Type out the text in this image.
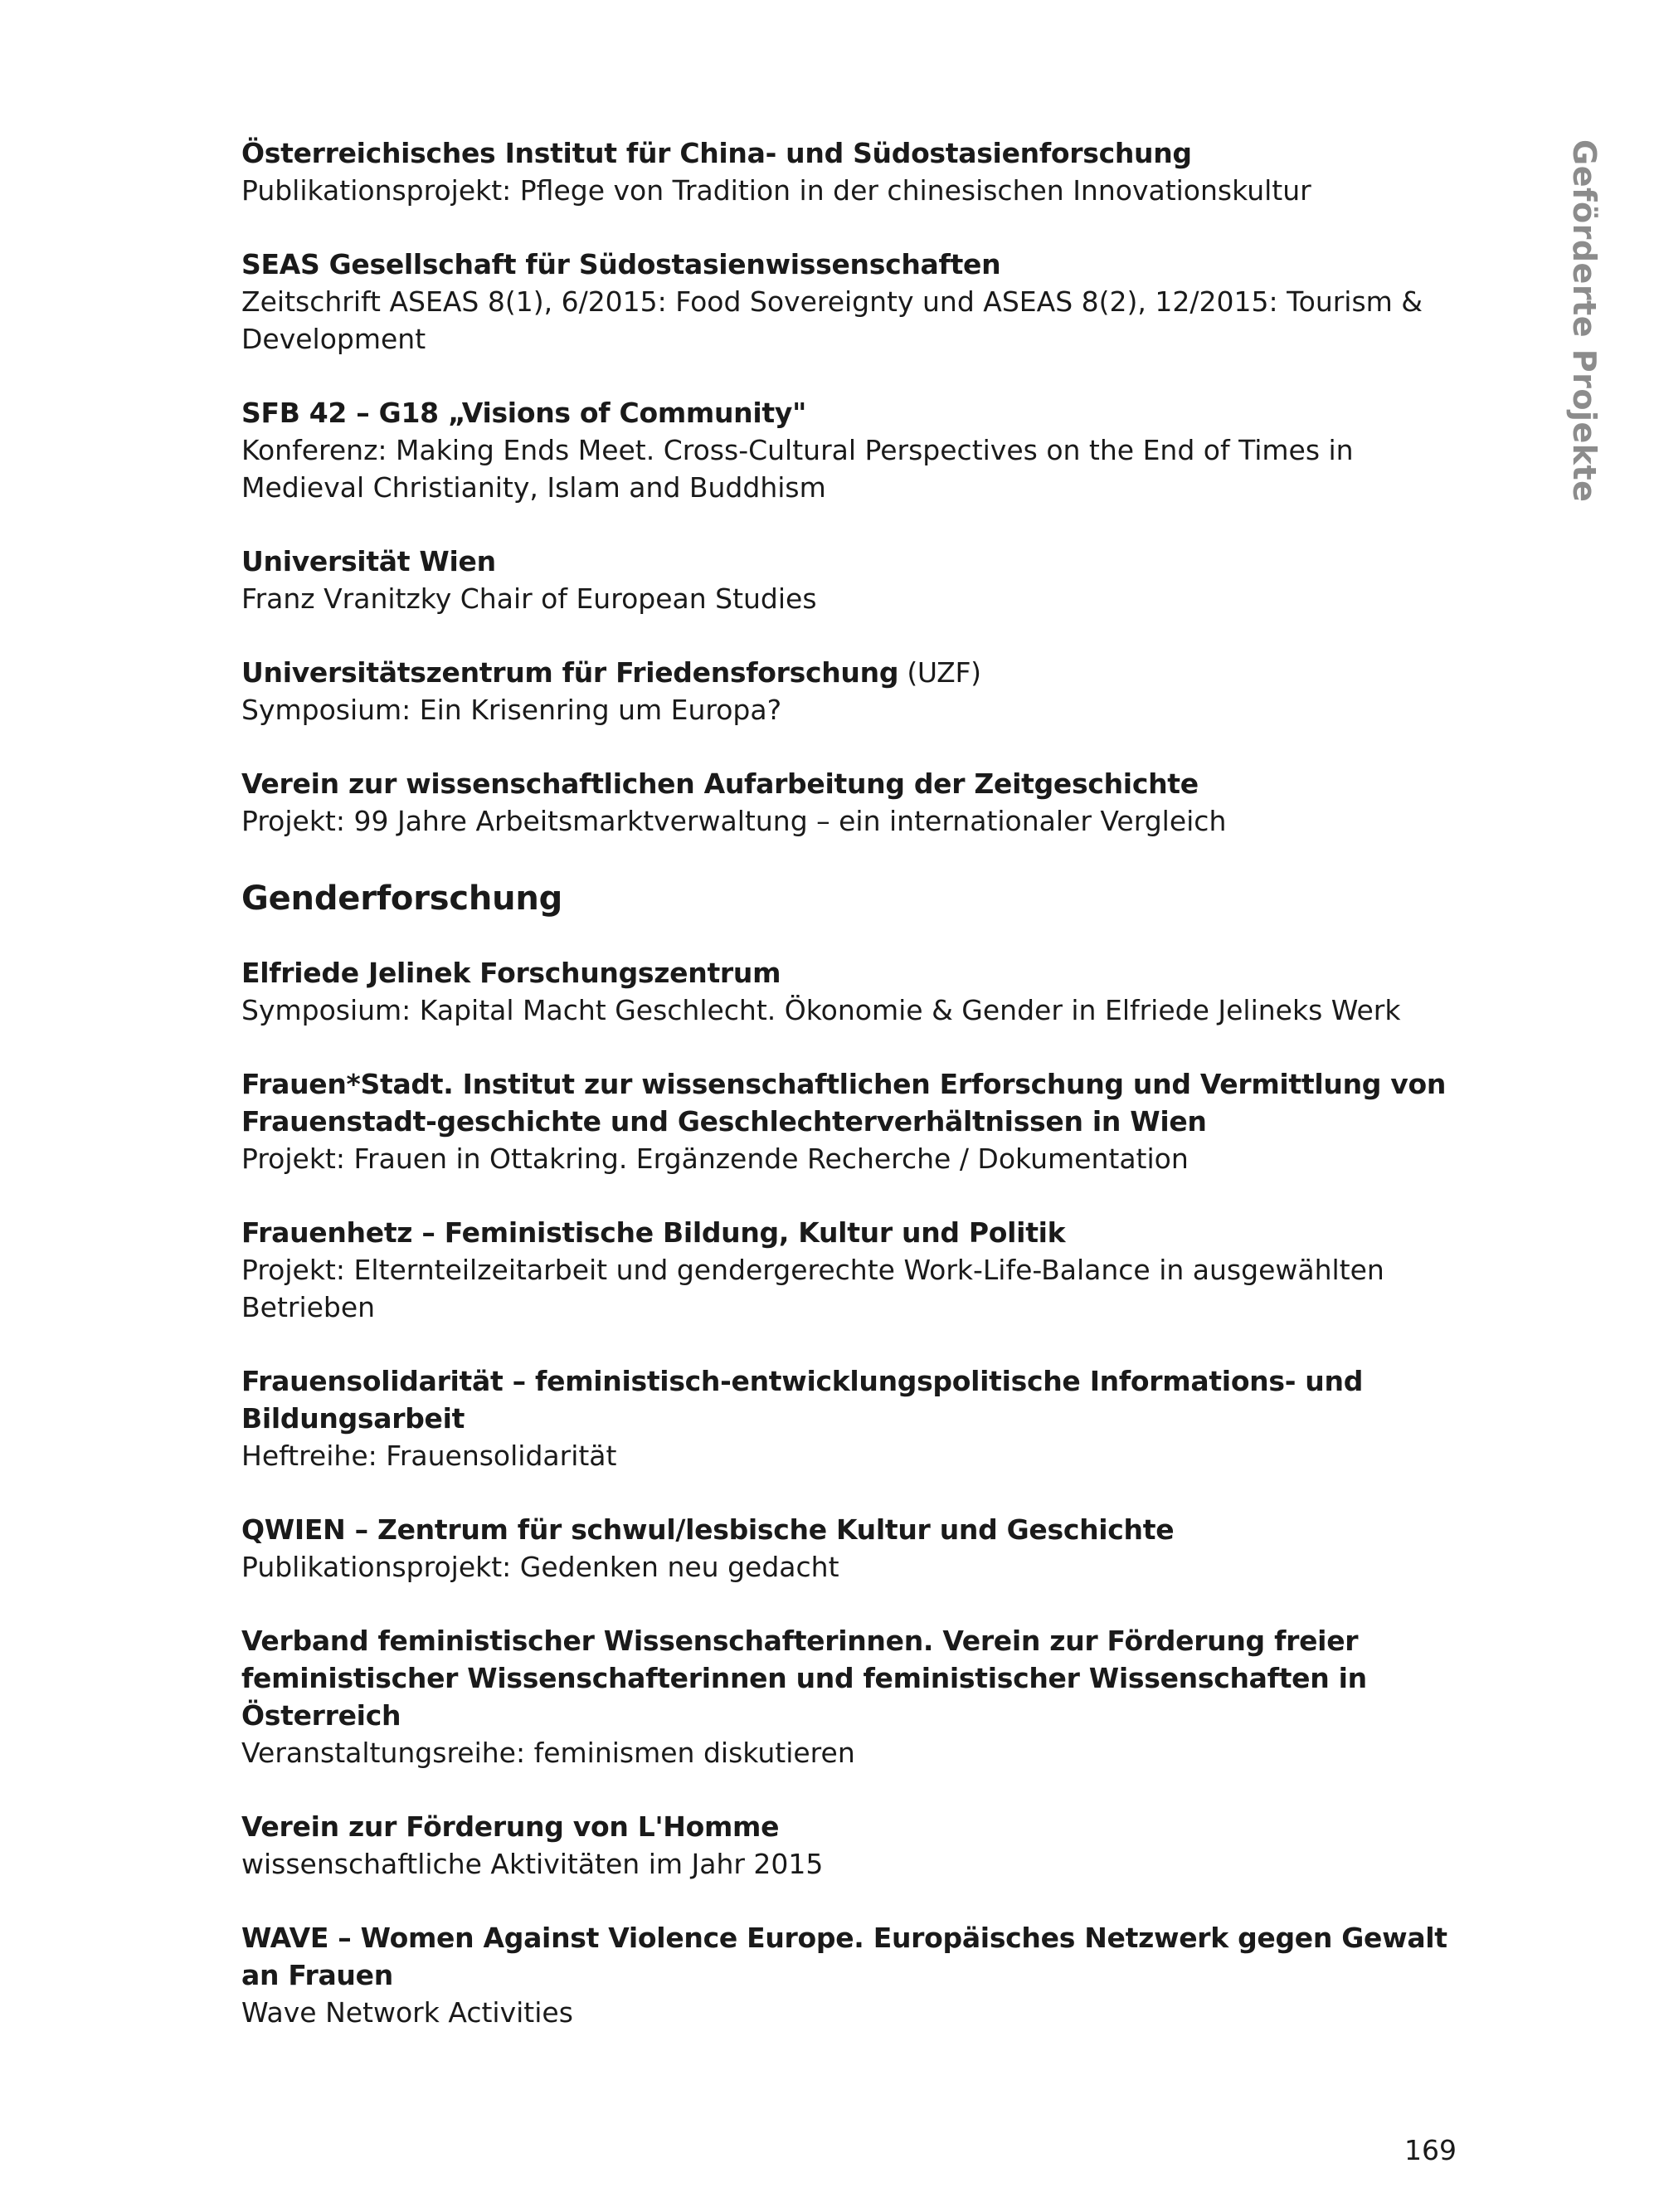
Österreichisches Institut für China- und Südostasienforschung
Publikationsprojekt: Pflege von Tradition in der chinesischen Innovationskultur
SEAS Gesellschaft für Südostasienwissenschaften
Zeitschrift ASEAS 8(1), 6/2015: Food Sovereignty und ASEAS 8(2), 12/2015: Tourism & Development
SFB 42 – G18 „Visions of Community"
Konferenz: Making Ends Meet. Cross-Cultural Perspectives on the End of Times in Medieval Christianity, Islam and Buddhism
Universität Wien
Franz Vranitzky Chair of European Studies
Universitätszentrum für Friedensforschung (UZF)
Symposium: Ein Krisenring um Europa?
Verein zur wissenschaftlichen Aufarbeitung der Zeitgeschichte
Projekt: 99 Jahre Arbeitsmarktverwaltung – ein internationaler Vergleich
Genderforschung
Elfriede Jelinek Forschungszentrum
Symposium: Kapital Macht Geschlecht. Ökonomie & Gender in Elfriede Jelineks Werk
Frauen*Stadt. Institut zur wissenschaftlichen Erforschung und Vermittlung von Frauenstadt-geschichte und Geschlechterverhältnissen in Wien
Projekt: Frauen in Ottakring. Ergänzende Recherche / Dokumentation
Frauenhetz – Feministische Bildung, Kultur und Politik
Projekt: Elternteilzeitarbeit und gendergerechte Work-Life-Balance in ausgewählten Betrieben
Frauensolidarität – feministisch-entwicklungspolitische Informations- und Bildungsarbeit
Heftreihe: Frauensolidarität
QWIEN – Zentrum für schwul/lesbische Kultur und Geschichte
Publikationsprojekt: Gedenken neu gedacht
Verband feministischer Wissenschafterinnen. Verein zur Förderung freier feministischer Wissenschafterinnen und feministischer Wissenschaften in Österreich
Veranstaltungsreihe: feminismen diskutieren
Verein zur Förderung von L'Homme
wissenschaftliche Aktivitäten im Jahr 2015
WAVE – Women Against Violence Europe. Europäisches Netzwerk gegen Gewalt an Frauen
Wave Network Activities
Geförderte Projekte
169
